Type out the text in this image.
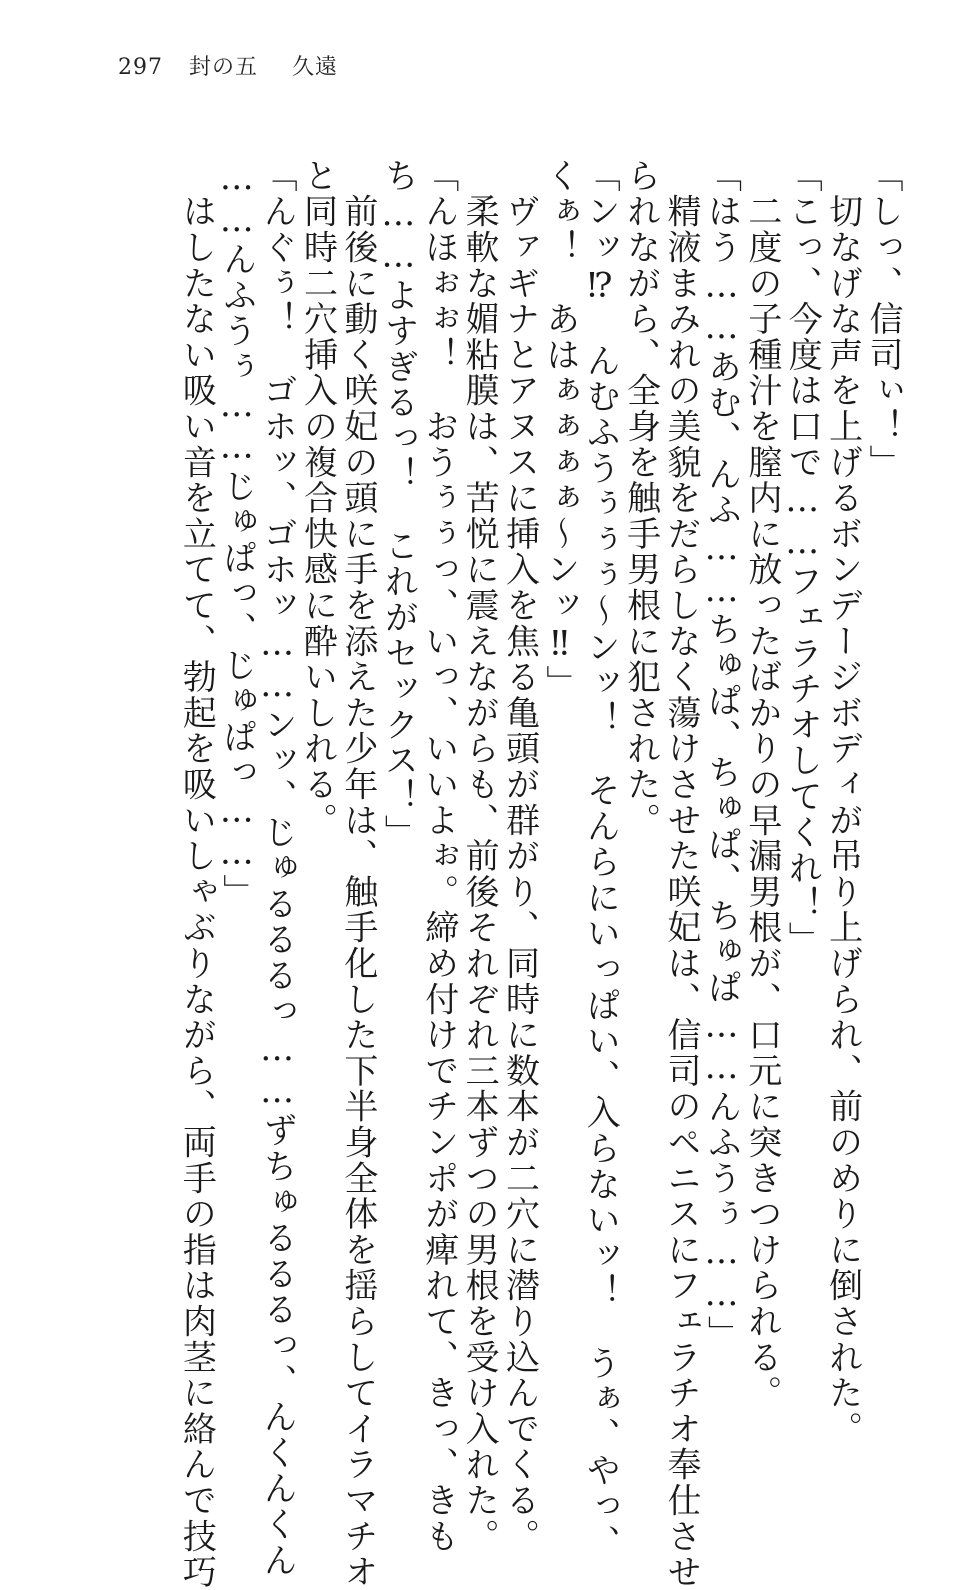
297 封の五 久遠
「しっ、信司ぃ！」
　切なげな声を上げるボンデージボディが吊り上げられ、前のめりに倒された。
「こっ、今度は口で……フェラチオしてくれ！」
　二度の子種汁を膣内に放ったばかりの早漏男根が、口元に突きつけられる。
「はう……あむ、んふ……ちゅぱ、ちゅぱ、ちゅぱ……んふうぅ……」
　精液まみれの美貌をだらしなく蕩けさせた咲妃は、信司のペニスにフェラチオ奉仕させ
られながら、全身を触手男根に犯された。
「ンッ⁉　んむふうぅぅぅ〜ンッ！　そんらにいっぱい、入らないッ！　うぁ、やっ、
くぁ！　あはぁぁぁぁ〜ンッ‼」
　ヴァギナとアヌスに挿入を焦る亀頭が群がり、同時に数本が二穴に潜り込んでくる。
　柔軟な媚粘膜は、苦悦に震えながらも、前後それぞれ三本ずつの男根を受け入れた。
「んほぉぉ！　おうぅぅっ、いっ、いいよぉ。締め付けでチンポが痺れて、きっ、きも
ち……よすぎるっ！　これがセックス！」
　前後に動く咲妃の頭に手を添えた少年は、触手化した下半身全体を揺らしてイラマチオ
と同時二穴挿入の複合快感に酔いしれる。
「んぐぅ！　ゴホッ、ゴホッ……ンッ、じゅるるるっ……ずちゅるるるっ、んくんくん
……んふうぅ……じゅぱっ、じゅぱっ……」
　はしたない吸い音を立てて、勃起を吸いしゃぶりながら、両手の指は肉茎に絡んで技巧
